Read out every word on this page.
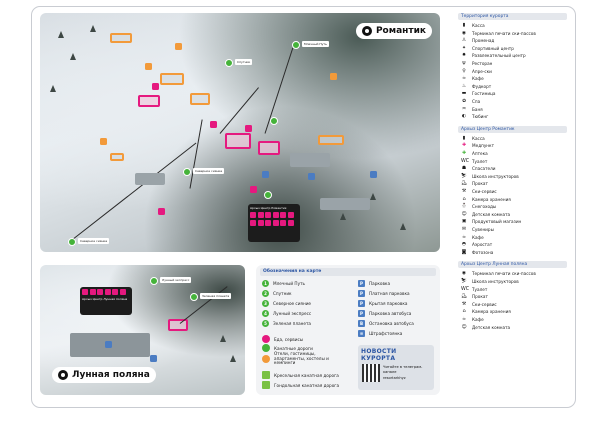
Спутник
Млечный Путь
Северное сияние
Северное сияние
Архыз Центр Романтик
Романтик
Лунный экспресс
Зеленая планета
Архыз Центр Лунная поляна
Лунная поляна
Обозначения на карте
1	Млечный Путь
2	Спутник
3	Северное сияние
4	Лунный экспресс
5	Зеленая планета
Еда, сервисы
Канатные дороги
Отели, гостиницы, апартаменты, хостелы и кемпинги
Кресельная канатная дорога
Гондольная канатная дорога
P	Парковка
P	Платная парковка
P	Крытая парковка
P	Парковка автобуса
B	Остановка автобуса
≡	Штрафстоянка
НОВОСТИ
КУРОРТА
Читайте в телеграм-канале
resortarkhyz
Территория курорта
▮	Касса
◉ Терминал печати ски-пассов
♙ Променад
✦ Спортивный центр
✸ Развлекательный центр
ψ	Ресторан
♀ Апре-ски
☕ Кафе
♨ Фудкорт
▬ Гостиница
✿ Спа
♒ Баня
◐ Тюбинг
Архыз Центр Романтик
▮	Касса
✚ Медпункт
✚ Аптека
WC Туалет
☗ Спасатели
⛷ Школа инструкторов
⛸ Прокат
⚒ Ски-сервис
⌂	Камера хранения
⛄ Снегоходы
☺ Детская комната
▣ Продуктовый магазин
✉ Сувениры
☕ Кафе
◓ Аэростат
◙ Фотозона
Архыз Центр Лунная поляна
◉ Терминал печати ски-пассов
⛷ Школа инструкторов
WC Туалет
⛸ Прокат
⚒ Ски-сервис
⌂	Камера хранения
☕ Кафе
☺ Детская комната
